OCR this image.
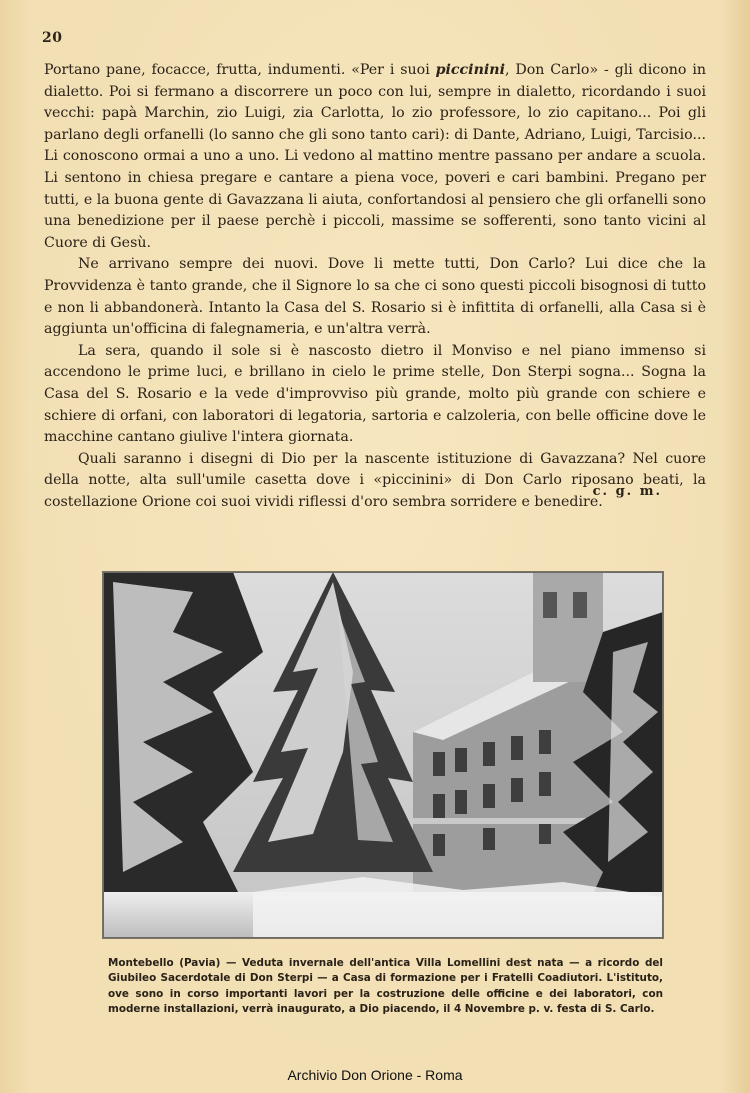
20

Portano pane, focacce, frutta, indumenti. «Per i suoi piccinini, Don Carlo» - gli dicono in dialetto. Poi si fermano a discorrere un poco con lui, sempre in dialetto, ricordando i suoi vecchi: papà Marchin, zio Luigi, zia Carlotta, lo zio professore, lo zio capitano... Poi gli parlano degli orfanelli (lo sanno che gli sono tanto cari): di Dante, Adriano, Luigi, Tarcisio... Li conoscono ormai a uno a uno. Li vedono al mattino mentre passano per andare a scuola. Li sentono in chiesa pregare e cantare a piena voce, poveri e cari bambini. Pregano per tutti, e la buona gente di Gavazzana li aiuta, confortandosi al pensiero che gli orfanelli sono una benedizione per il paese perchè i piccoli, massime se sofferenti, sono tanto vicini al Cuore di Gesù.

Ne arrivano sempre dei nuovi. Dove li mette tutti, Don Carlo? Lui dice che la Provvidenza è tanto grande, che il Signore lo sa che ci sono questi piccoli bisognosi di tutto e non li abbandonerà. Intanto la Casa del S. Rosario si è infittita di orfanelli, alla Casa si è aggiunta un'officina di falegnameria, e un'altra verrà.

La sera, quando il sole si è nascosto dietro il Monviso e nel piano immenso si accendono le prime luci, e brillano in cielo le prime stelle, Don Sterpi sogna... Sogna la Casa del S. Rosario e la vede d'improvviso più grande, molto più grande con schiere e schiere di orfani, con laboratori di legatoria, sartoria e calzoleria, con belle officine dove le macchine cantano giulive l'intera giornata.

Quali saranno i disegni di Dio per la nascente istituzione di Gavazzana? Nel cuore della notte, alta sull'umile casetta dove i «piccinini» di Don Carlo riposano beati, la costellazione Orione coi suoi vividi riflessi d'oro sembra sorridere e benedire.

c. g. m.
Montebello (Pavia) — Veduta invernale dell'antica Villa Lomellini dest nata — a ricordo del Giubileo Sacerdotale di Don Sterpi — a Casa di formazione per i Fratelli Coadiutori. L'istituto, ove sono in corso importanti lavori per la costruzione delle officine e dei laboratori, con moderne installazioni, verrà inaugurato, a Dio piacendo, il 4 Novembre p. v. festa di S. Carlo.
Archivio Don Orione - Roma
